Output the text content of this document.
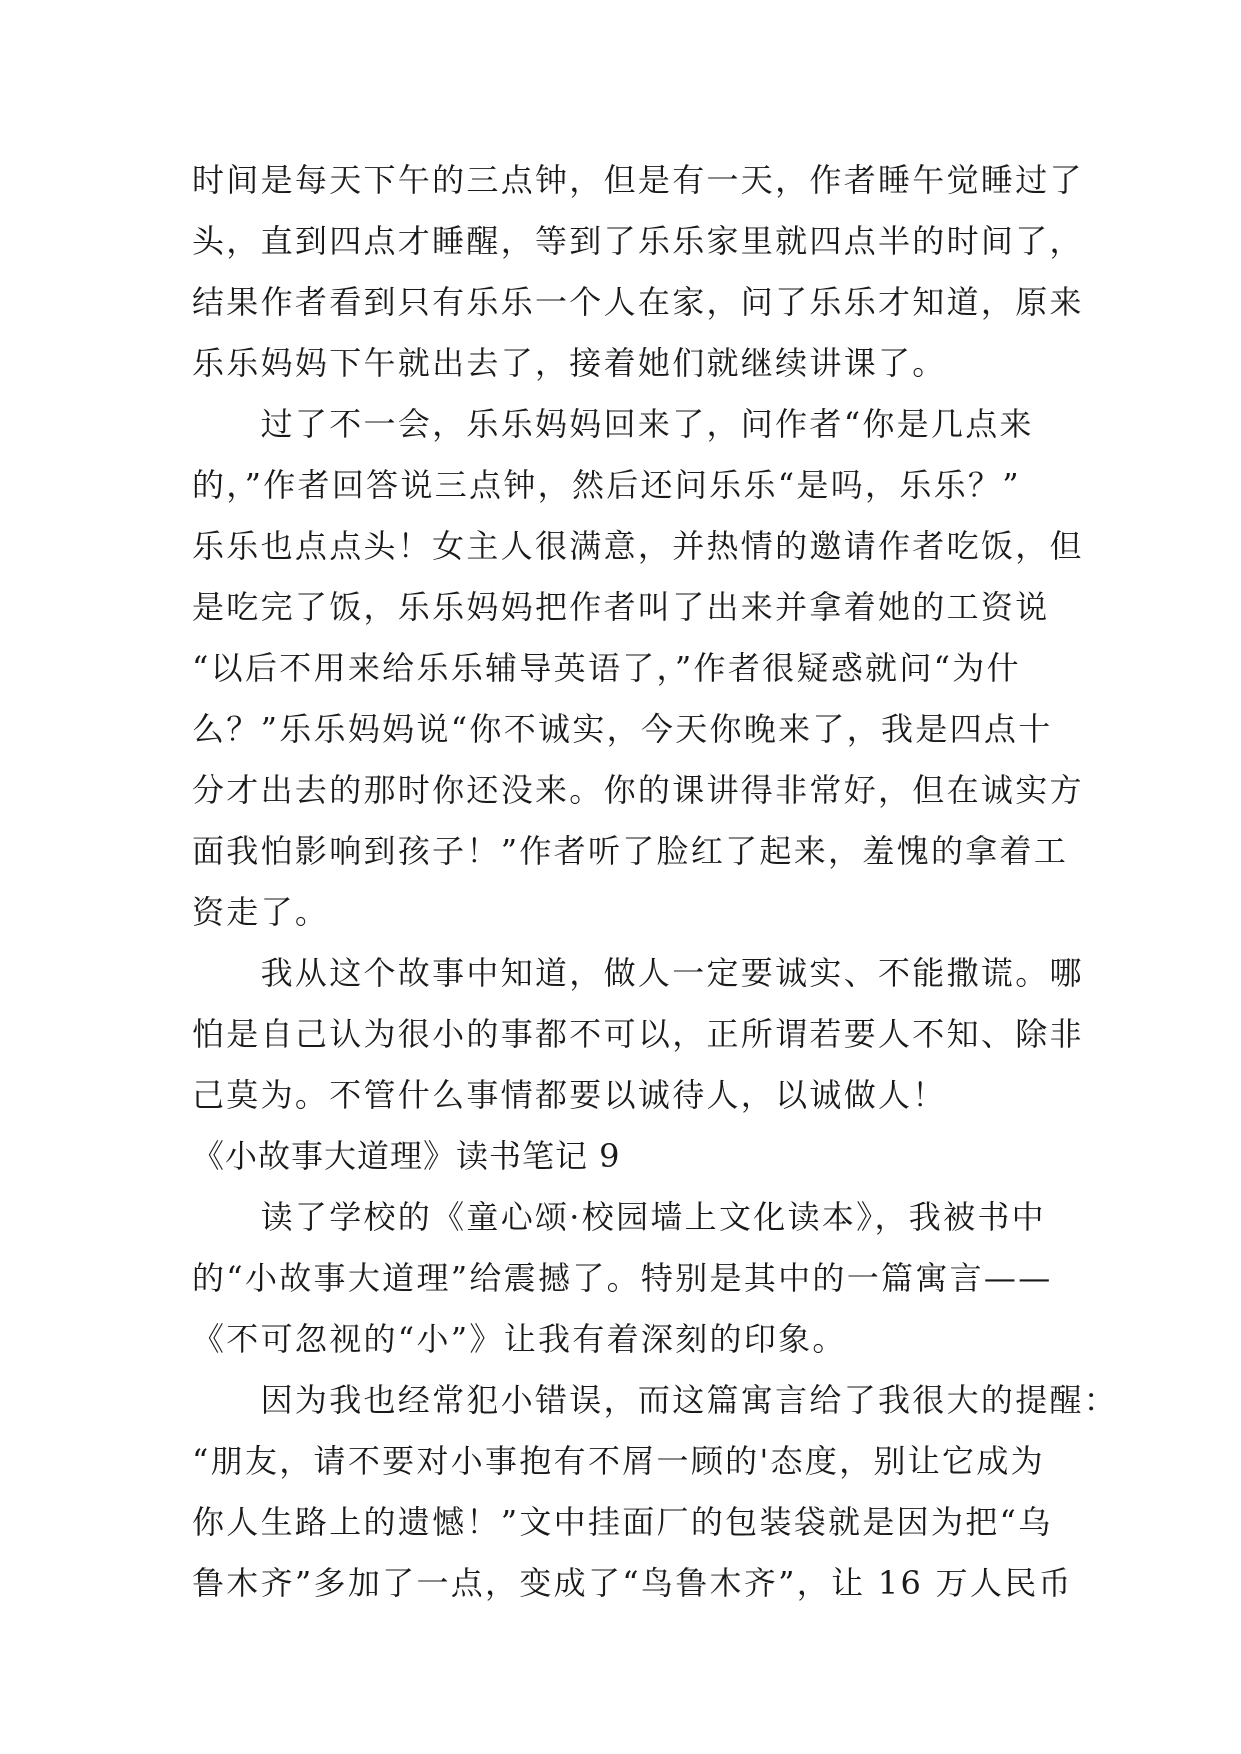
时间是每天下午的三点钟，但是有一天，作者睡午觉睡过了
头，直到四点才睡醒，等到了乐乐家里就四点半的时间了，
结果作者看到只有乐乐一个人在家，问了乐乐才知道，原来
乐乐妈妈下午就出去了，接着她们就继续讲课了。
　　过了不一会，乐乐妈妈回来了，问作者“你是几点来
的，”作者回答说三点钟，然后还问乐乐“是吗，乐乐？”
乐乐也点点头！女主人很满意，并热情的邀请作者吃饭，但
是吃完了饭，乐乐妈妈把作者叫了出来并拿着她的工资说
“以后不用来给乐乐辅导英语了，”作者很疑惑就问“为什
么？”乐乐妈妈说“你不诚实，今天你晚来了，我是四点十
分才出去的那时你还没来。你的课讲得非常好，但在诚实方
面我怕影响到孩子！”作者听了脸红了起来，羞愧的拿着工
资走了。
　　我从这个故事中知道，做人一定要诚实、不能撒谎。哪
怕是自己认为很小的事都不可以，正所谓若要人不知、除非
己莫为。不管什么事情都要以诚待人，以诚做人！
《小故事大道理》读书笔记 9
　　读了学校的《童心颂·校园墙上文化读本》，我被书中
的“小故事大道理”给震撼了。特别是其中的一篇寓言——
《不可忽视的“小”》让我有着深刻的印象。
　　因为我也经常犯小错误，而这篇寓言给了我很大的提醒：
“朋友，请不要对小事抱有不屑一顾的'态度，别让它成为
你人生路上的遗憾！”文中挂面厂的包装袋就是因为把“乌
鲁木齐”多加了一点，变成了“鸟鲁木齐”，让 16 万人民币
